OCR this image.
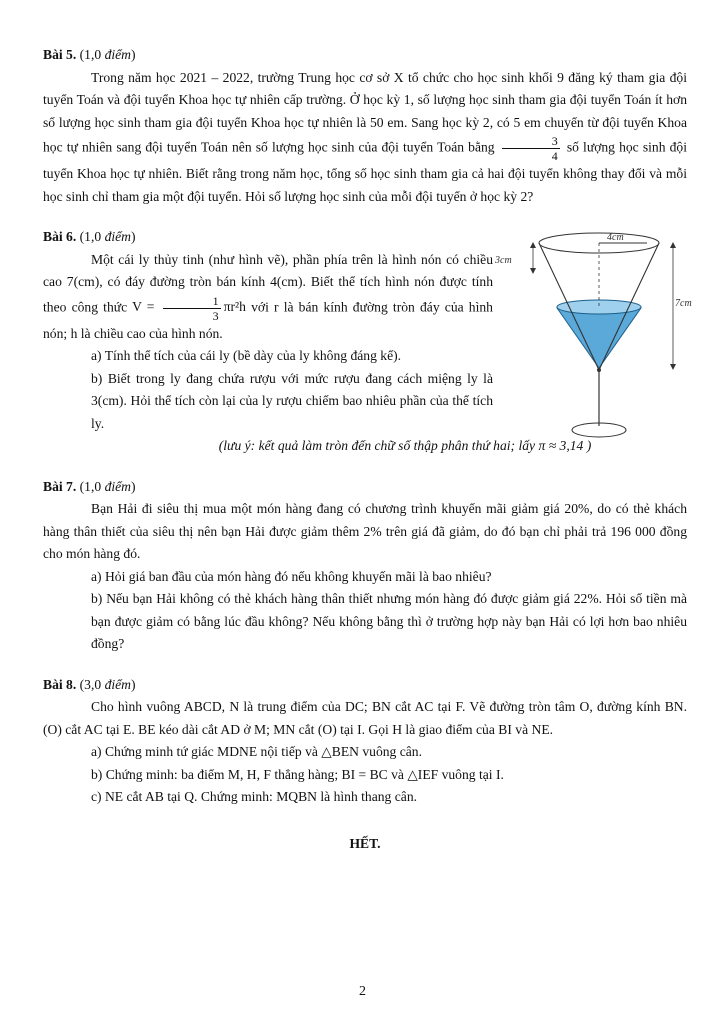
Bài 5. (1,0 điểm)

Trong năm học 2021 – 2022, trường Trung học cơ sở X tổ chức cho học sinh khối 9 đăng ký tham gia đội tuyển Toán và đội tuyển Khoa học tự nhiên cấp trường. Ở học kỳ 1, số lượng học sinh tham gia đội tuyển Toán ít hơn số lượng học sinh tham gia đội tuyển Khoa học tự nhiên là 50 em. Sang học kỳ 2, có 5 em chuyển từ đội tuyển Khoa học tự nhiên sang đội tuyển Toán nên số lượng học sinh của đội tuyển Toán bằng $\frac{3}{4}$ số lượng học sinh đội tuyển Khoa học tự nhiên. Biết rằng trong năm học, tổng số học sinh tham gia cả hai đội tuyển không thay đổi và mỗi học sinh chỉ tham gia một đội tuyển. Hỏi số lượng học sinh của mỗi đội tuyển ở học kỳ 2?

Bài 6. (1,0 điểm)

Một cái ly thủy tinh (như hình vẽ), phần phía trên là hình nón có chiều cao 7(cm), có đáy đường tròn bán kính 4(cm). Biết thể tích hình nón được tính theo công thức $V = \frac{1}{3} \pi r^2h$ với r là bán kính đường tròn đáy của hình nón; h là chiều cao của hình nón.

a) Tính thể tích của cái ly (bề dày của ly không đáng kể).
b) Biết trong ly đang chứa rượu với mức rượu đang cách miệng ly là 3(cm). Hỏi thể tích còn lại của ly rượu chiếm bao nhiêu phần của thể tích ly.
(lưu ý: kết quả làm tròn đến chữ số thập phân thứ hai; lấy π ≈ 3,14 )
4cm
3cm
7cm
Bài 7. (1,0 điểm)

Bạn Hải đi siêu thị mua một món hàng đang có chương trình khuyến mãi giảm giá 20%, do có thẻ khách hàng thân thiết của siêu thị nên bạn Hải được giảm thêm 2% trên giá đã giảm, do đó bạn chỉ phải trả 196 000 đồng cho món hàng đó.

a) Hỏi giá ban đầu của món hàng đó nếu không khuyến mãi là bao nhiêu?
b) Nếu bạn Hải không có thẻ khách hàng thân thiết nhưng món hàng đó được giảm giá 22%. Hỏi số tiền mà bạn được giảm có bằng lúc đầu không? Nếu không bằng thì ở trường hợp này bạn Hải có lợi hơn bao nhiêu đồng?
Bài 8. (3,0 điểm)

Cho hình vuông ABCD, N là trung điểm của DC; BN cắt AC tại F. Vẽ đường tròn tâm O, đường kính BN. (O) cắt AC tại E. BE kéo dài cắt AD ở M; MN cắt (O) tại I. Gọi H là giao điểm của BI và NE.

a) Chứng minh tứ giác MDNE nội tiếp và △BEN vuông cân.
b) Chứng minh: ba điểm M, H, F thẳng hàng; BI = BC và △IEF vuông tại I.
c) NE cắt AB tại Q. Chứng minh: MQBN là hình thang cân.
HẾT.
2
